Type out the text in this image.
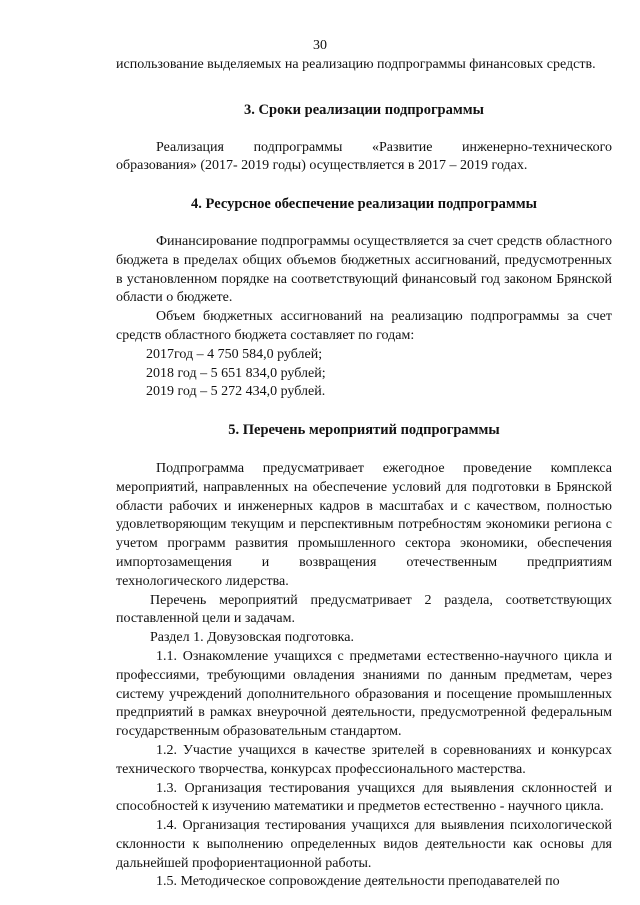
30

использование выделяемых на реализацию подпрограммы финансовых средств.

3. Сроки реализации подпрограммы

Реализация подпрограммы «Развитие инженерно-технического образования» (2017- 2019 годы) осуществляется в 2017 – 2019 годах.

4. Ресурсное обеспечение реализации подпрограммы

Финансирование подпрограммы осуществляется за счет средств областного бюджета в пределах общих объемов бюджетных ассигнований, предусмотренных в установленном порядке на соответствующий финансовый год законом Брянской области о бюджете.

Объем бюджетных ассигнований на реализацию подпрограммы за счет средств областного бюджета составляет по годам:

2017год – 4 750 584,0 рублей;

2018 год – 5 651 834,0 рублей;

2019 год – 5 272 434,0 рублей.

5. Перечень мероприятий подпрограммы

Подпрограмма предусматривает ежегодное проведение комплекса мероприятий, направленных на обеспечение условий для подготовки в Брянской области рабочих и инженерных кадров в масштабах и с качеством, полностью удовлетворяющим текущим и перспективным потребностям экономики региона с учетом программ развития промышленного сектора экономики, обеспечения импортозамещения и возвращения отечественным предприятиям технологического лидерства.

Перечень мероприятий предусматривает 2 раздела, соответствующих поставленной цели и задачам.

Раздел 1. Довузовская подготовка.

1.1. Ознакомление учащихся с предметами естественно-научного цикла и профессиями, требующими овладения знаниями по данным предметам, через систему учреждений дополнительного образования и посещение промышленных предприятий в рамках внеурочной деятельности, предусмотренной федеральным государственным образовательным стандартом.

1.2. Участие учащихся в качестве зрителей в соревнованиях и конкурсах технического творчества, конкурсах профессионального мастерства.

1.3. Организация тестирования учащихся для выявления склонностей и способностей к изучению математики и предметов естественно - научного цикла.

1.4. Организация тестирования учащихся для выявления психологической склонности к выполнению определенных видов деятельности как основы для дальнейшей профориентационной работы.

1.5. Методическое сопровождение деятельности преподавателей по
